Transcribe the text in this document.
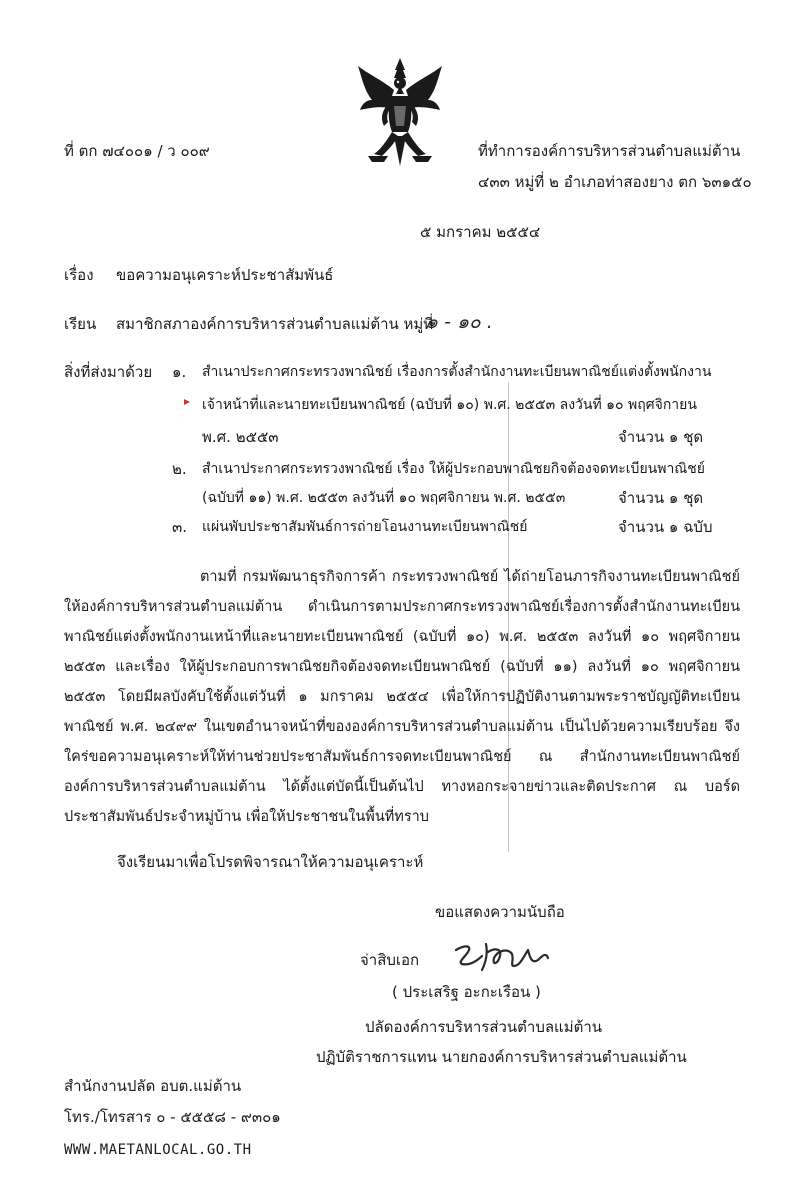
ที่ ตก ๗๔๐๐๑ / ว ๐๐๙	ที่ทำการองค์การบริหารส่วนตำบลแม่ต้าน
๔๓๓ หมู่ที่ ๒ อำเภอท่าสองยาง ตก ๖๓๑๕๐
๕ มกราคม ๒๕๕๔
เรื่อง ขอความอนุเคราะห์ประชาสัมพันธ์
เรียน สมาชิกสภาองค์การบริหารส่วนตำบลแม่ต้าน หมู่ที่
๑ - ๑๐ .
สิ่งที่ส่งมาด้วย ๑. สำเนาประกาศกระทรวงพาณิชย์ เรื่องการตั้งสำนักงานทะเบียนพาณิชย์แต่งตั้งพนักงาน
เจ้าหน้าที่และนายทะเบียนพาณิชย์ (ฉบับที่ ๑๐) พ.ศ. ๒๕๕๓ ลงวันที่ ๑๐ พฤศจิกายน
พ.ศ. ๒๕๕๓	จำนวน ๑ ชุด
๒. สำเนาประกาศกระทรวงพาณิชย์ เรื่อง ให้ผู้ประกอบพาณิชยกิจต้องจดทะเบียนพาณิชย์
(ฉบับที่ ๑๑) พ.ศ. ๒๕๕๓ ลงวันที่ ๑๐ พฤศจิกายน พ.ศ. ๒๕๕๓	จำนวน ๑ ชุด
๓. แผ่นพับประชาสัมพันธ์การถ่ายโอนงานทะเบียนพาณิชย์	จำนวน ๑ ฉบับ
ตามที่ กรมพัฒนาธุรกิจการค้า กระทรวงพาณิชย์ ได้ถ่ายโอนภารกิจงานทะเบียนพาณิชย์ ให้องค์การบริหารส่วนตำบลแม่ต้าน ดำเนินการตามประกาศกระทรวงพาณิชย์เรื่องการตั้งสำนักงานทะเบียนพาณิชย์แต่งตั้งพนักงานเหน้าที่และนายทะเบียนพาณิชย์ (ฉบับที่ ๑๐) พ.ศ. ๒๕๕๓ ลงวันที่ ๑๐ พฤศจิกายน ๒๕๕๓ และเรื่อง ให้ผู้ประกอบการพาณิชยกิจต้องจดทะเบียนพาณิชย์ (ฉบับที่ ๑๑) ลงวันที่ ๑๐ พฤศจิกายน ๒๕๕๓ โดยมีผลบังคับใช้ตั้งแต่วันที่ ๑ มกราคม ๒๕๕๔ เพื่อให้การปฏิบัติงานตามพระราชบัญญัติทะเบียนพาณิชย์ พ.ศ. ๒๔๙๙ ในเขตอำนาจหน้าที่ขององค์การบริหารส่วนตำบลแม่ต้าน เป็นไปด้วยความเรียบร้อย จึงใคร่ขอความอนุเคราะห์ให้ท่านช่วยประชาสัมพันธ์การจดทะเบียนพาณิชย์ ณ สำนักงานทะเบียนพาณิชย์ องค์การบริหารส่วนตำบลแม่ต้าน ได้ตั้งแต่บัดนี้เป็นต้นไป ทางหอกระจายข่าวและติดประกาศ ณ บอร์ดประชาสัมพันธ์ประจำหมู่บ้าน เพื่อให้ประชาชนในพื้นที่ทราบ
จึงเรียนมาเพื่อโปรดพิจารณาให้ความอนุเคราะห์
ขอแสดงความนับถือ
จ่าสิบเอก
( ประเสริฐ อะกะเรือน )
ปลัดองค์การบริหารส่วนตำบลแม่ต้าน
ปฏิบัติราชการแทน นายกองค์การบริหารส่วนตำบลแม่ต้าน
สำนักงานปลัด อบต.แม่ต้าน
โทร./โทรสาร ๐ - ๕๕๕๘ - ๙๓๐๑
WWW.MAETANLOCAL.GO.TH
